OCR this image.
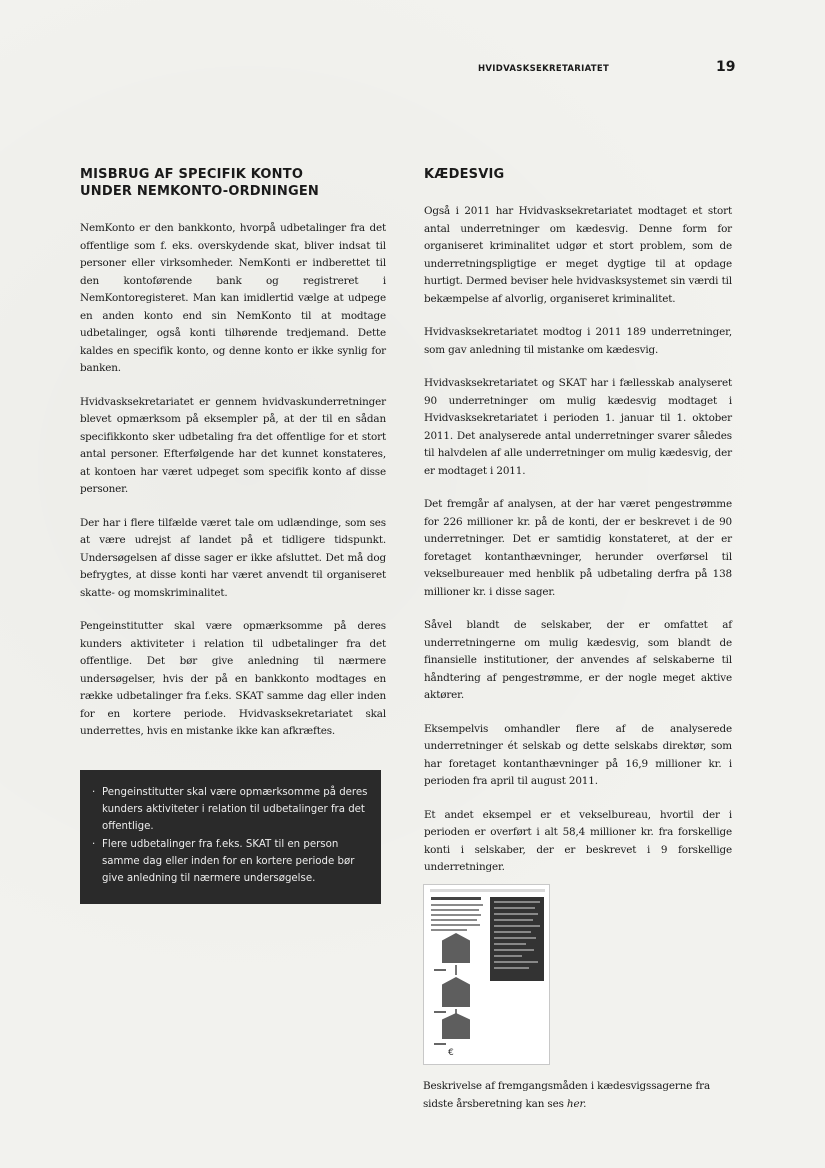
HVIDVASKSEKRETARIATET	19
MISBRUG AF SPECIFIK KONTO
UNDER NEMKONTO-ORDNINGEN

NemKonto er den bankkonto, hvorpå udbetalinger fra det offentlige som f. eks. overskydende skat, bliver indsat til personer eller virksomheder. NemKonti er indberettet til den kontoførende bank og registreret i NemKontoregisteret. Man kan imidlertid vælge at udpege en anden konto end sin NemKonto til at modtage udbetalinger, også konti tilhørende tredjemand. Dette kaldes en specifik konto, og denne konto er ikke synlig for banken.

Hvidvasksekretariatet er gennem hvidvaskunderretninger blevet opmærksom på eksempler på, at der til en sådan specifikkonto sker udbetaling fra det offentlige for et stort antal personer. Efterfølgende har det kunnet konstateres, at kontoen har været udpeget som specifik konto af disse personer.

Der har i flere tilfælde været tale om udlændinge, som ses at være udrejst af landet på et tidligere tidspunkt. Undersøgelsen af disse sager er ikke afsluttet. Det må dog befrygtes, at disse konti har været anvendt til organiseret skatte- og momskriminalitet.

Pengeinstitutter skal være opmærksomme på deres kunders aktiviteter i relation til udbetalinger fra det offentlige. Det bør give anledning til nærmere undersøgelser, hvis der på en bankkonto modtages en række udbetalinger fra f.eks. SKAT samme dag eller inden for en kortere periode. Hvidvasksekretariatet skal underrettes, hvis en mistanke ikke kan afkræftes.

· Pengeinstitutter skal være opmærksomme på deres kunders aktiviteter i relation til udbetalinger fra det offentlige.
· Flere udbetalinger fra f.eks. SKAT til en person samme dag eller inden for en kortere periode bør give anledning til nærmere undersøgelse.
KÆDESVIG

Også i 2011 har Hvidvasksekretariatet modtaget et stort antal underretninger om kædesvig. Denne form for organiseret kriminalitet udgør et stort problem, som de underretningspligtige er meget dygtige til at opdage hurtigt. Dermed beviser hele hvidvasksystemet sin værdi til bekæmpelse af alvorlig, organiseret kriminalitet.

Hvidvasksekretariatet modtog i 2011 189 underretninger, som gav anledning til mistanke om kædesvig.

Hvidvasksekretariatet og SKAT har i fællesskab analyseret 90 underretninger om mulig kædesvig modtaget i Hvidvasksekretariatet i perioden 1. januar til 1. oktober 2011. Det analyserede antal underretninger svarer således til halvdelen af alle underretninger om mulig kædesvig, der er modtaget i 2011.

Det fremgår af analysen, at der har været pengestrømme for 226 millioner kr. på de konti, der er beskrevet i de 90 underretninger. Det er samtidig konstateret, at der er foretaget kontanthævninger, herunder overførsel til vekselbureauer med henblik på udbetaling derfra på 138 millioner kr. i disse sager.

Såvel blandt de selskaber, der er omfattet af underretningerne om mulig kædesvig, som blandt de finansielle institutioner, der anvendes af selskaberne til håndtering af pengestrømme, er der nogle meget aktive aktører.

Eksempelvis omhandler flere af de analyserede underretninger ét selskab og dette selskabs direktør, som har foretaget kontanthævninger på 16,9 millioner kr. i perioden fra april til august 2011.

Et andet eksempel er et vekselbureau, hvortil der i perioden er overført i alt 58,4 millioner kr. fra forskellige konti i selskaber, der er beskrevet i 9 forskellige underretninger.

€
Beskrivelse af fremgangsmåden i kædesvigssagerne fra sidste årsberetning kan ses her.
